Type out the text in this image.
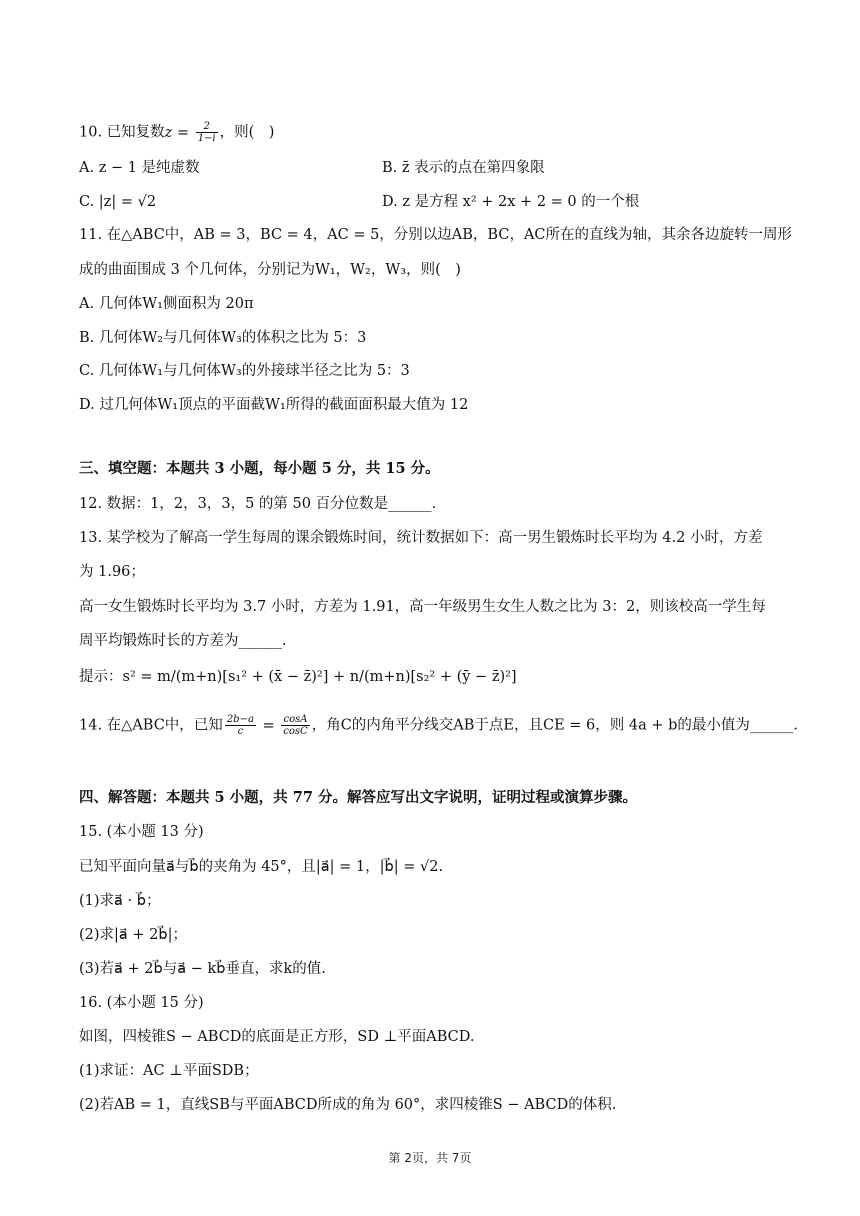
10. 已知复数$z = \frac{2}{1-i}$ ，则(　)
A. z − 1 是纯虚数	B. z̄ 表示的点在第四象限
C. |z| = √2	D. z 是方程 x² + 2x + 2 = 0 的一个根
11. 在△ABC中，AB = 3，BC = 4，AC = 5，分别以边AB，BC，AC所在的直线为轴，其余各边旋转一周形
成的曲面围成 3 个几何体，分别记为W₁，W₂，W₃，则(　)
A. 几何体W₁侧面积为 20π
B. 几何体W₂与几何体W₃的体积之比为 5：3
C. 几何体W₁与几何体W₃的外接球半径之比为 5：3
D. 过几何体W₁顶点的平面截W₁所得的截面面积最大值为 12
三、填空题：本题共 3 小题，每小题 5 分，共 15 分。
12. 数据：1，2，3，3，5 的第 50 百分位数是______.
13. 某学校为了解高一学生每周的课余锻炼时间，统计数据如下：高一男生锻炼时长平均为 4.2 小时，方差
为 1.96；
高一女生锻炼时长平均为 3.7 小时，方差为 1.91，高一年级男生女生人数之比为 3：2，则该校高一学生每
周平均锻炼时长的方差为______.
提示：s² = m/(m+n)[s₁² + (x̄ − z̄)²] + n/(m+n)[s₂² + (ȳ − z̄)²]
14. 在△ABC中，已知 $\frac{2b-a}{c} = \frac{\cos A}{\cos C}$ ，角C的内角平分线交AB于点E，且CE = 6，则 4a + b的最小值为______.
四、解答题：本题共 5 小题，共 77 分。解答应写出文字说明，证明过程或演算步骤。
15. (本小题 13 分)
已知平面向量a⃗与b⃗的夹角为 45°，且|a⃗| = 1，|b⃗| = √2.
(1)求a⃗ · b⃗；
(2)求|a⃗ + 2b⃗|；
(3)若a⃗ + 2b⃗与a⃗ − kb⃗垂直，求k的值.
16. (本小题 15 分)
如图，四棱锥S − ABCD的底面是正方形，SD ⊥平面ABCD.
(1)求证：AC ⊥平面SDB；
(2)若AB = 1，直线SB与平面ABCD所成的角为 60°，求四棱锥S − ABCD的体积.
第 2页，共 7页
